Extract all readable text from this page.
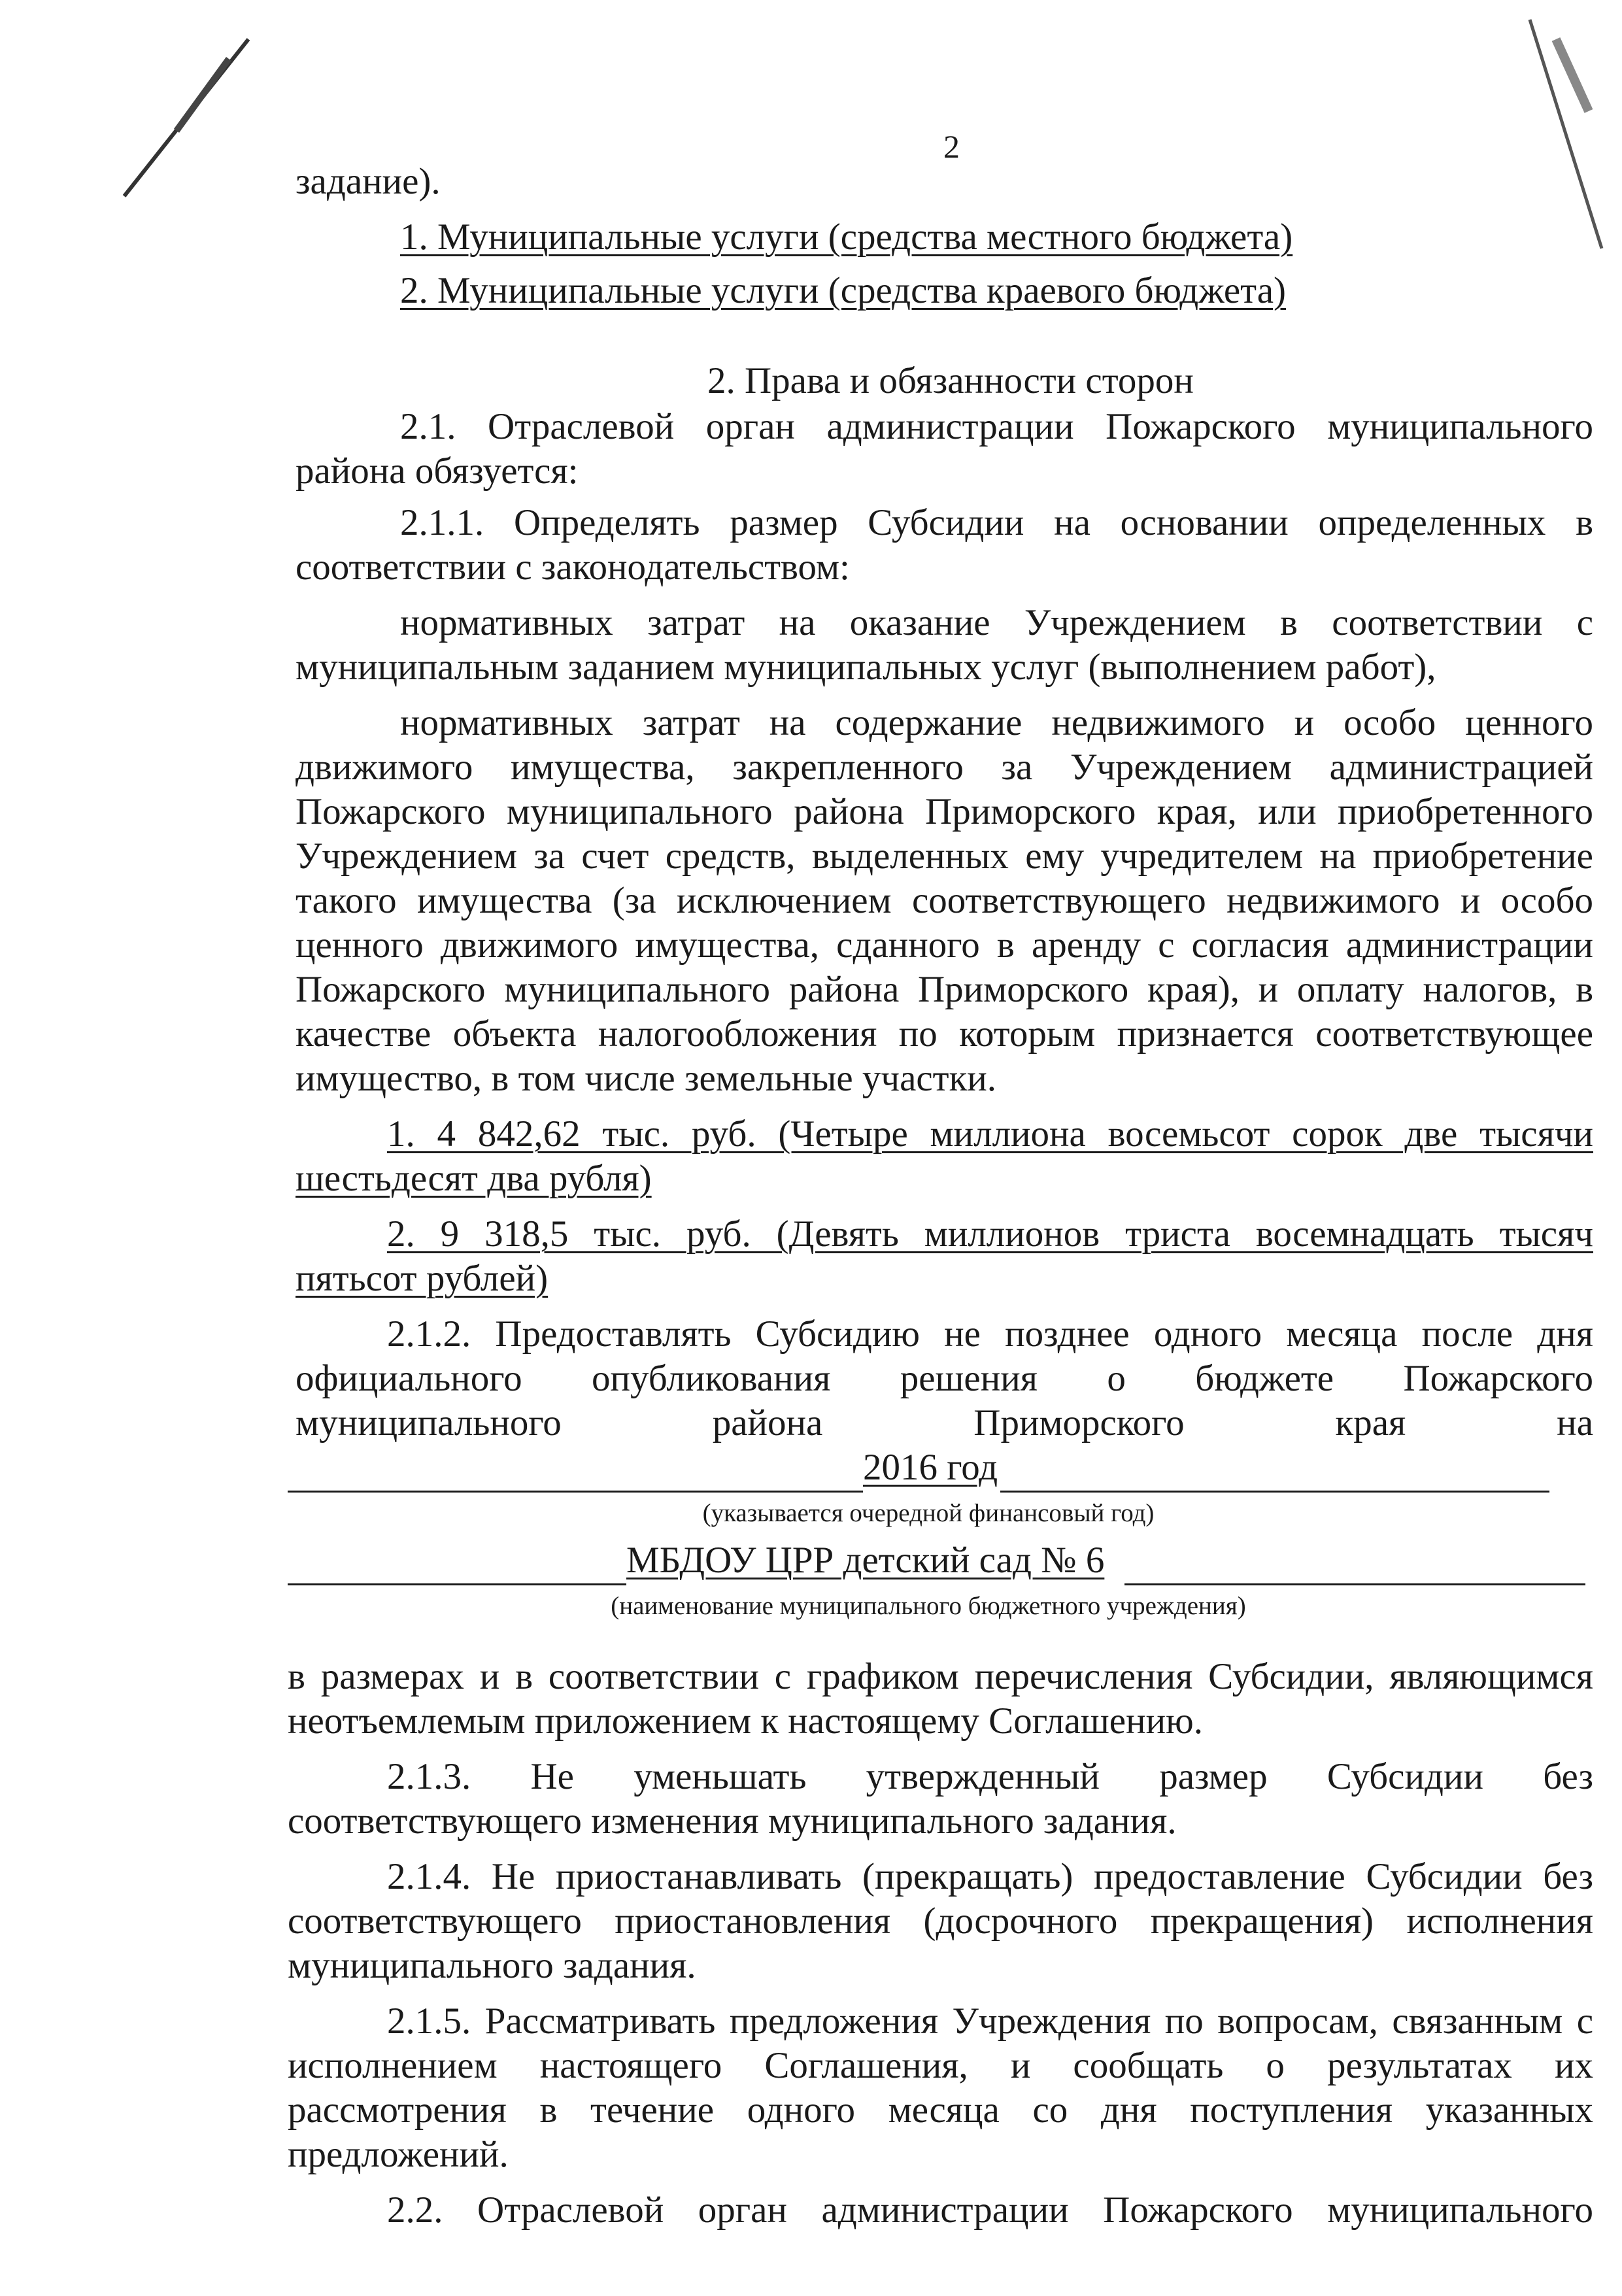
2
задание).
1. Муниципальные услуги (средства местного бюджета)
2. Муниципальные услуги (средства краевого бюджета)
2. Права и обязанности сторон
2.1. Отраслевой орган администрации Пожарского муниципального
района обязуется:
2.1.1. Определять размер Субсидии на основании определенных в
соответствии с законодательством:
нормативных затрат на оказание Учреждением в соответствии с
муниципальным заданием муниципальных услуг (выполнением работ),
нормативных затрат на содержание недвижимого и особо ценного
движимого имущества, закрепленного за Учреждением администрацией
Пожарского муниципального района Приморского края, или приобретенного
Учреждением за счет средств, выделенных ему учредителем на приобретение
такого имущества (за исключением соответствующего недвижимого и особо
ценного движимого имущества, сданного в аренду с согласия администрации
Пожарского муниципального района Приморского края), и оплату налогов, в
качестве объекта налогообложения по которым признается соответствующее
имущество, в том числе земельные участки.
1. 4 842,62 тыс. руб. (Четыре миллиона восемьсот сорок две тысячи
шестьдесят два рубля)
2. 9 318,5 тыс. руб. (Девять миллионов триста восемнадцать тысяч
пятьсот рублей)
2.1.2. Предоставлять Субсидию не позднее одного месяца после дня
официального опубликования решения о бюджете Пожарского
муниципального района Приморского края на
2016 год
(указывается очередной финансовый год)
МБДОУ ЦРР детский сад № 6
(наименование муниципального бюджетного учреждения)
в размерах и в соответствии с графиком перечисления Субсидии, являющимся
неотъемлемым приложением к настоящему Соглашению.
2.1.3. Не уменьшать утвержденный размер Субсидии без
соответствующего изменения муниципального задания.
2.1.4. Не приостанавливать (прекращать) предоставление Субсидии без
соответствующего приостановления (досрочного прекращения) исполнения
муниципального задания.
2.1.5. Рассматривать предложения Учреждения по вопросам, связанным с
исполнением настоящего Соглашения, и сообщать о результатах их
рассмотрения в течение одного месяца со дня поступления указанных
предложений.
2.2. Отраслевой орган администрации Пожарского муниципального
